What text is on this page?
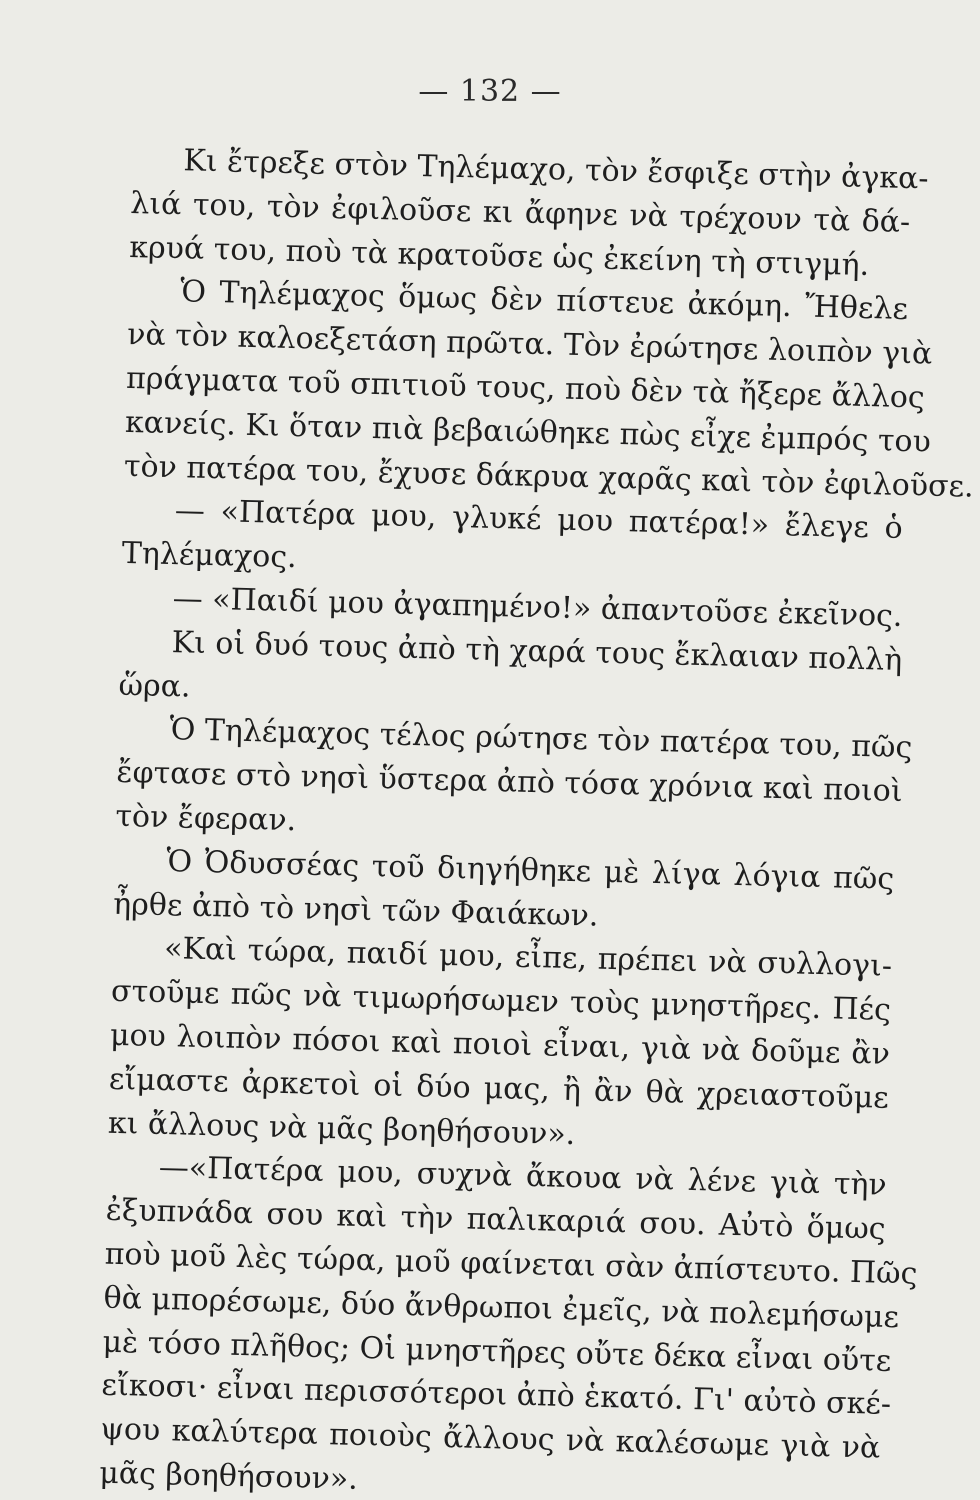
— 132 —
Κι ἔτρεξε στὸν Τηλέμαχο, τὸν ἔσφιξε στὴν ἀγκα-
λιά του, τὸν ἐφιλοῦσε κι ἄφηνε νὰ τρέχουν τὰ δά-
κρυά του, ποὺ τὰ κρατοῦσε ὡς ἐκείνη τὴ στιγμή.
Ὁ Τηλέμαχος ὅμως δὲν πίστευε ἀκόμη. Ἤθελε
νὰ τὸν καλοεξετάση πρῶτα. Τὸν ἐρώτησε λοιπὸν γιὰ
πράγματα τοῦ σπιτιοῦ τους, ποὺ δὲν τὰ ἤξερε ἄλλος
κανείς. Κι ὅταν πιὰ βεβαιώθηκε πὼς εἶχε ἐμπρός του
τὸν πατέρα του, ἔχυσε δάκρυα χαρᾶς καὶ τὸν ἐφιλοῦσε.
— «Πατέρα μου, γλυκέ μου πατέρα!» ἔλεγε ὁ
Τηλέμαχος.
— «Παιδί μου ἀγαπημένο!» ἀπαντοῦσε ἐκεῖνος.
Κι οἱ δυό τους ἀπὸ τὴ χαρά τους ἔκλαιαν πολλὴ
ὥρα.
Ὁ Τηλέμαχος τέλος ρώτησε τὸν πατέρα του, πῶς
ἔφτασε στὸ νησὶ ὕστερα ἀπὸ τόσα χρόνια καὶ ποιοὶ
τὸν ἔφεραν.
Ὁ Ὀδυσσέας τοῦ διηγήθηκε μὲ λίγα λόγια πῶς
ἦρθε ἀπὸ τὸ νησὶ τῶν Φαιάκων.
«Καὶ τώρα, παιδί μου, εἶπε, πρέπει νὰ συλλογι-
στοῦμε πῶς νὰ τιμωρήσωμεν τοὺς μνηστῆρες. Πές
μου λοιπὸν πόσοι καὶ ποιοὶ εἶναι, γιὰ νὰ δοῦμε ἂν
εἴμαστε ἀρκετοὶ οἱ δύο μας, ἢ ἂν θὰ χρειαστοῦμε
κι ἄλλους νὰ μᾶς βοηθήσουν».
—«Πατέρα μου, συχνὰ ἄκουα νὰ λένε γιὰ τὴν
ἐξυπνάδα σου καὶ τὴν παλικαριά σου. Αὐτὸ ὅμως
ποὺ μοῦ λὲς τώρα, μοῦ φαίνεται σὰν ἀπίστευτο. Πῶς
θὰ μπορέσωμε, δύο ἄνθρωποι ἐμεῖς, νὰ πολεμήσωμε
μὲ τόσο πλῆθος; Οἱ μνηστῆρες οὔτε δέκα εἶναι οὔτε
εἴκοσι· εἶναι περισσότεροι ἀπὸ ἑκατό. Γι' αὐτὸ σκέ-
ψου καλύτερα ποιοὺς ἄλλους νὰ καλέσωμε γιὰ νὰ
μᾶς βοηθήσουν».
